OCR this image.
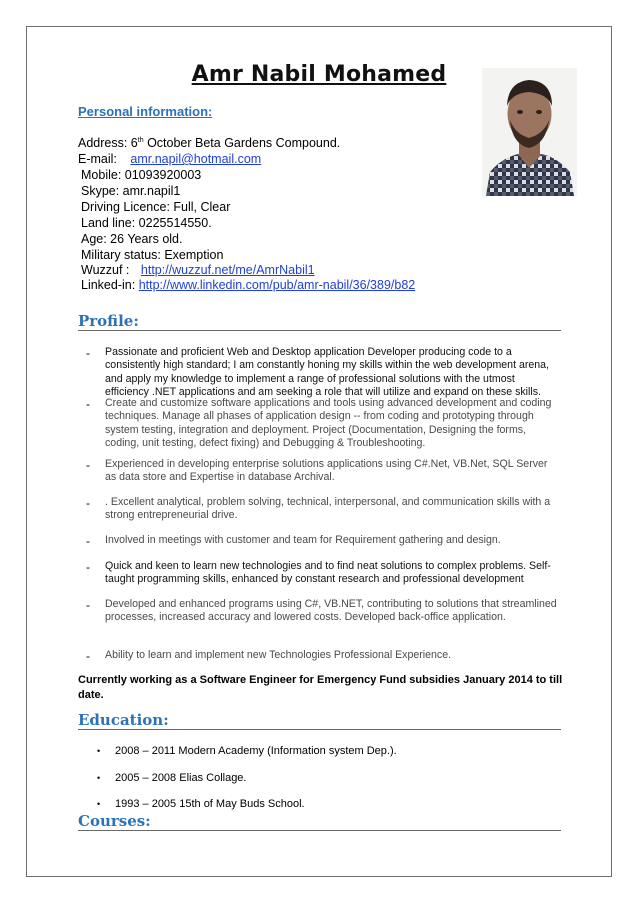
Amr Nabil Mohamed
Personal information:
Address: 6th October Beta Gardens Compound.
E-mail: amr.napil@hotmail.com
Mobile: 01093920003
Skype: amr.napil1
Driving Licence: Full, Clear
Land line: 0225514550.
Age: 26 Years old.
Military status: Exemption
Wuzzuf : http://wuzzuf.net/me/AmrNabil1
Linked-in: http://www.linkedin.com/pub/amr-nabil/36/389/b82
Profile:
- Passionate and proficient Web and Desktop application Developer producing code to a consistently high standard; I am constantly honing my skills within the web development arena, and apply my knowledge to implement a range of professional solutions with the utmost efficiency .NET applications and am seeking a role that will utilize and expand on these skills.
- Create and customize software applications and tools using advanced development and coding techniques. Manage all phases of application design -- from coding and prototyping through system testing, integration and deployment. Project (Documentation, Designing the forms, coding, unit testing, defect fixing) and Debugging & Troubleshooting.
- Experienced in developing enterprise solutions applications using C#.Net, VB.Net, SQL Server as data store and Expertise in database Archival.
- . Excellent analytical, problem solving, technical, interpersonal, and communication skills with a strong entrepreneurial drive.
- Involved in meetings with customer and team for Requirement gathering and design.
- Quick and keen to learn new technologies and to find neat solutions to complex problems. Self-taught programming skills, enhanced by constant research and professional development
- Developed and enhanced programs using C#, VB.NET, contributing to solutions that streamlined processes, increased accuracy and lowered costs. Developed back-office application.
- Ability to learn and implement new Technologies Professional Experience.
Currently working as a Software Engineer for Emergency Fund subsidies January 2014 to till date.
Education:
• 2008 – 2011 Modern Academy (Information system Dep.).
• 2005 – 2008 Elias Collage.
• 1993 – 2005 15th of May Buds School.
Courses:
